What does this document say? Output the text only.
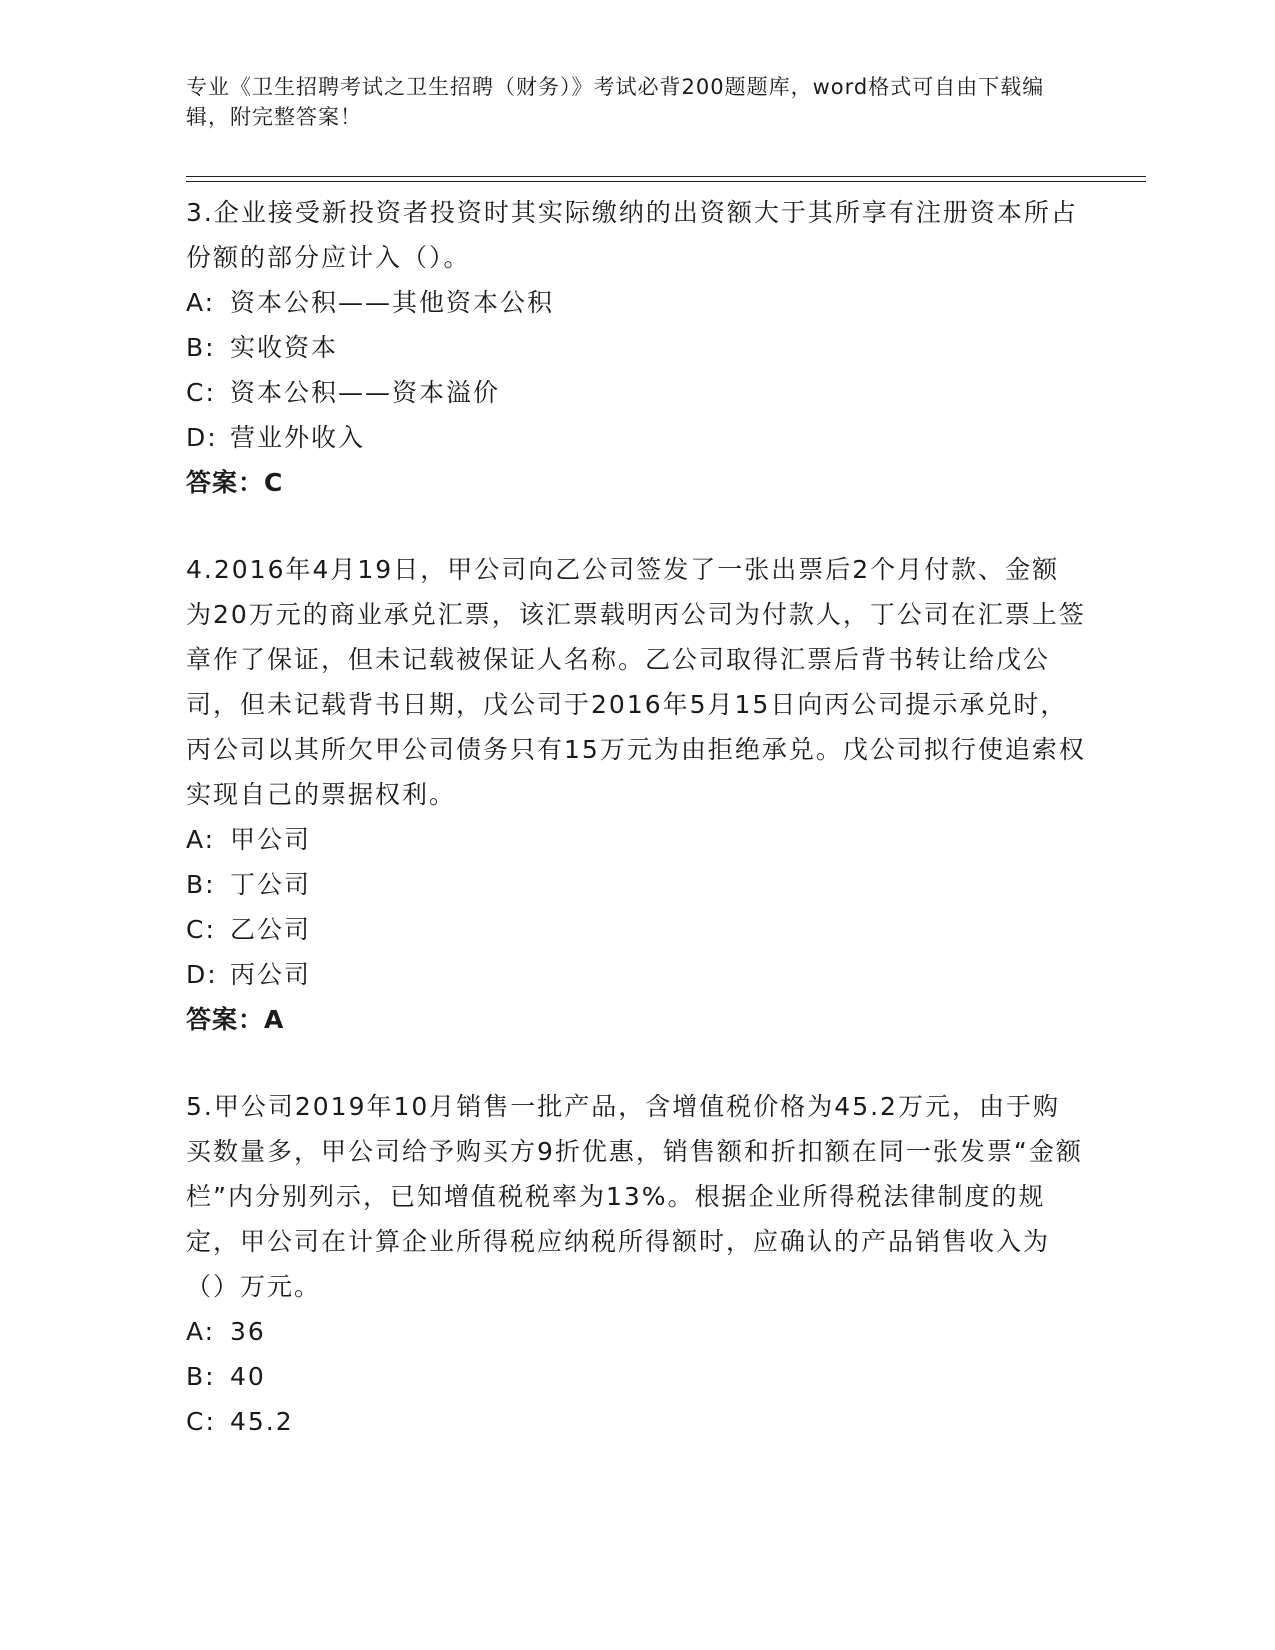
专业《卫生招聘考试之卫生招聘（财务）》考试必背200题题库，word格式可自由下载编辑，附完整答案！

3.企业接受新投资者投资时其实际缴纳的出资额大于其所享有注册资本所占份额的部分应计入（）。

A: 资本公积——其他资本公积
B: 实收资本
C: 资本公积——资本溢价
D: 营业外收入

答案：C

4.2016年4月19日，甲公司向乙公司签发了一张出票后2个月付款、金额为20万元的商业承兑汇票，该汇票载明丙公司为付款人，丁公司在汇票上签章作了保证，但未记载被保证人名称。乙公司取得汇票后背书转让给戊公司，但未记载背书日期，戊公司于2016年5月15日向丙公司提示承兑时，丙公司以其所欠甲公司债务只有15万元为由拒绝承兑。戊公司拟行使追索权实现自己的票据权利。

A: 甲公司
B: 丁公司
C: 乙公司
D: 丙公司

答案：A

5.甲公司2019年10月销售一批产品，含增值税价格为45.2万元，由于购买数量多，甲公司给予购买方9折优惠，销售额和折扣额在同一张发票“金额栏”内分别列示，已知增值税税率为13%。根据企业所得税法律制度的规定，甲公司在计算企业所得税应纳税所得额时，应确认的产品销售收入为（）万元。

A: 36
B: 40
C: 45.2
